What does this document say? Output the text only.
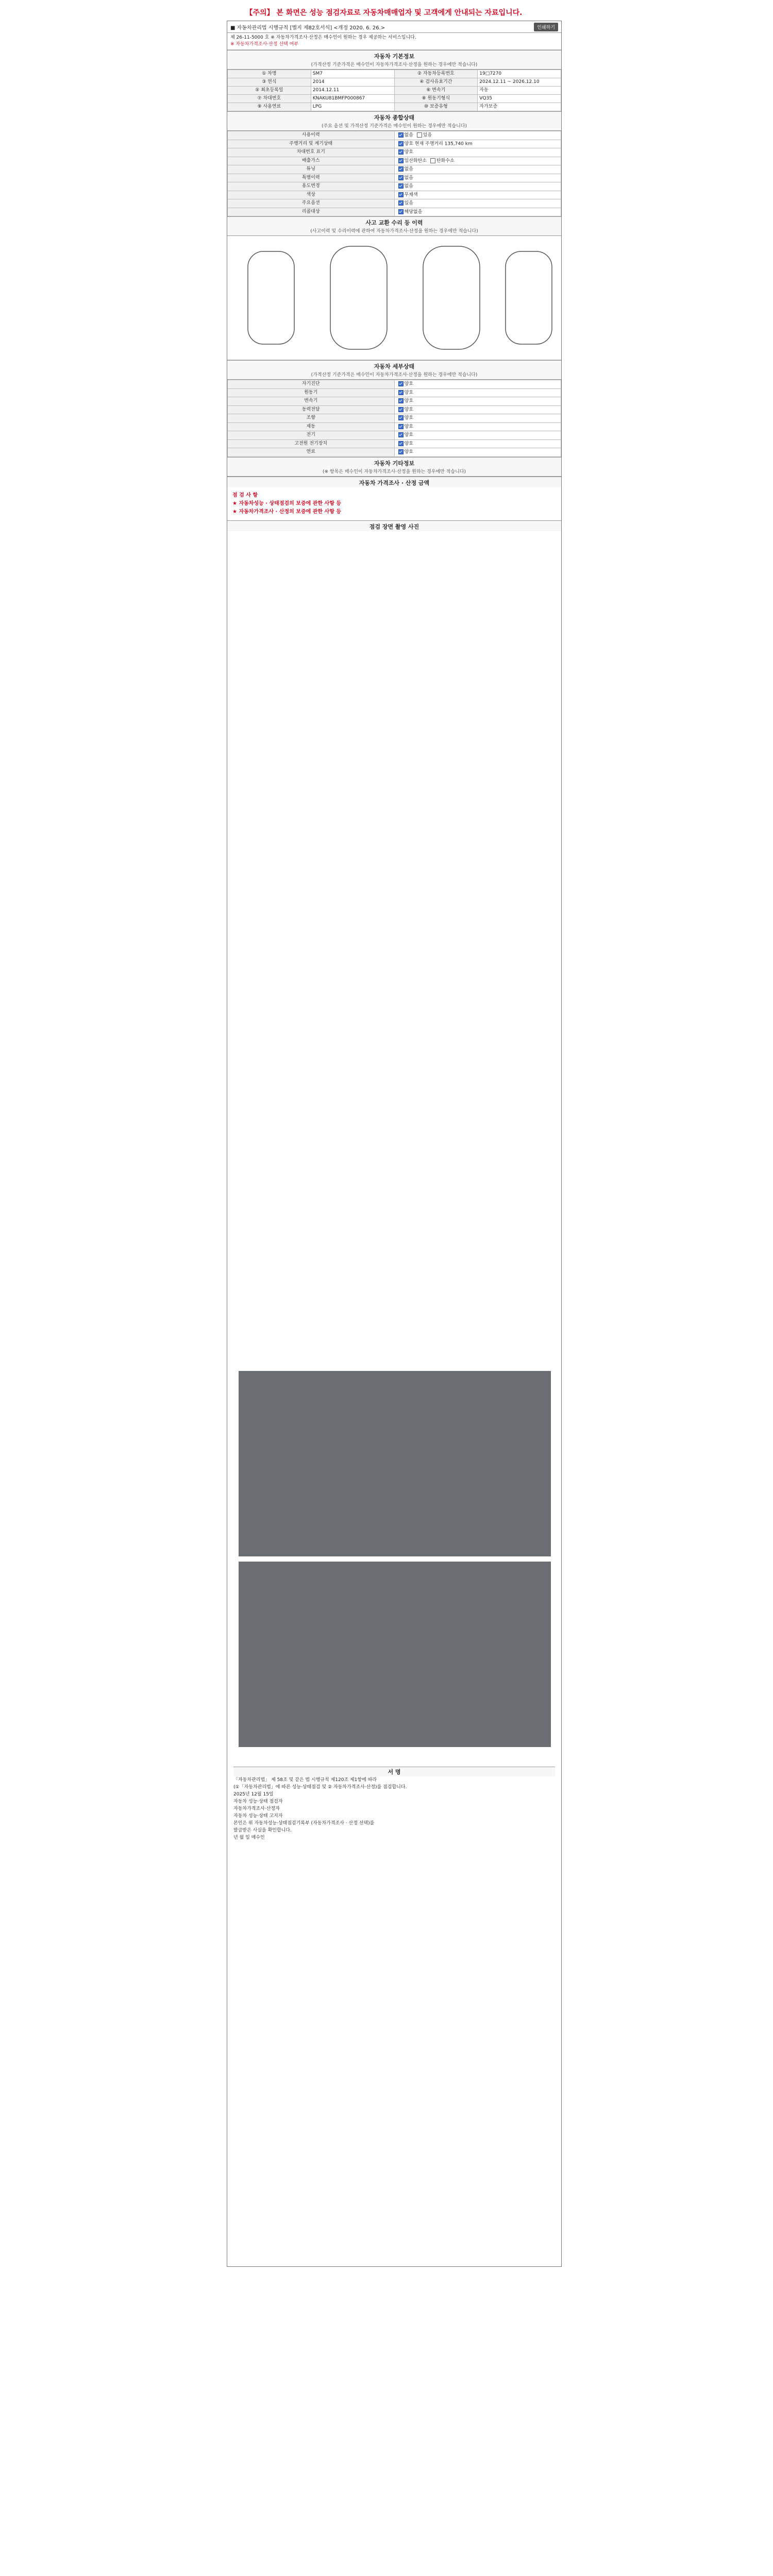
【주의】 본 화면은 성능 점검자료로 자동차매매업자 및 고객에게 안내되는 자료입니다.
■ 자동차관리법 시행규칙 [별지 제82호서식] <개정 2020. 6. 26.>	인쇄하기
제 26-11-5000 호 ※ 자동차가격조사·산정은 매수인이 원하는 경우 제공하는 서비스입니다.
※ 자동차가격조사·산정 선택 여부
자동차 기본정보
(가격산정 기준가격은 매수인이 자동차가격조사·산정을 원하는 경우에만 적습니다)
① 차명	SM7	② 자동차등록번호	19□7270
③ 연식	2014	④ 검사유효기간	2024.12.11 ~ 2026.12.10
⑤ 최초등록일	2014.12.11	⑥ 변속기	자동
⑦ 차대번호	KNAKU81BMFP000867	⑧ 원동기형식	VQ35
⑨ 사용연료	LPG	⑩ 보증유형	자가보증
자동차 종합상태
(주요 옵션 및 가격산정 기준가격은 매수인이 원하는 경우에만 적습니다)
사용이력	없음 있음
주행거리 및 계기상태	양호 현재 주행거리 135,740 km
차대번호 표기	양호
배출가스	일산화탄소 탄화수소
튜닝	없음
특별이력	없음
용도변경	없음
색상	무채색
주요옵션	있음
리콜대상	해당없음
사고 교환 수리 등 이력
(사고이력 및 수리이력에 관하여 자동차가격조사·산정을 원하는 경우에만 적습니다)
자동차 세부상태
(가격산정 기준가격은 매수인이 자동차가격조사·산정을 원하는 경우에만 적습니다)
자기진단	양호
원동기	양호
변속기	양호
동력전달	양호
조향	양호
제동	양호
전기	양호
고전원 전기장치	양호
연료	양호
자동차 기타정보
(※ 항목은 매수인이 자동차가격조사·산정을 원하는 경우에만 적습니다)
자동차 가격조사 · 산정 금액
점 검 사 항
★ 자동차성능 · 상태점검의 보증에 관한 사항 등
★ 자동차가격조사 · 산정의 보증에 관한 사항 등
점검 장면 촬영 사진
서 명
「자동차관리법」 제 58조 및 같은 법 시행규칙 제120조 제1항에 따라
(①「자동차관리법」에 따른 성능·상태점검 및 ② 자동차가격조사·산정)를 점검합니다.
2025년 12월 15일
자동차 성능·상태 점검자
자동차가격조사·산정자
자동차 성능·상태 고지자
본인은 위 자동차성능·상태점검기록부 (자동차가격조사 · 산정 선택)를
발급받은 사실을 확인합니다.
년 월 일 매수인
